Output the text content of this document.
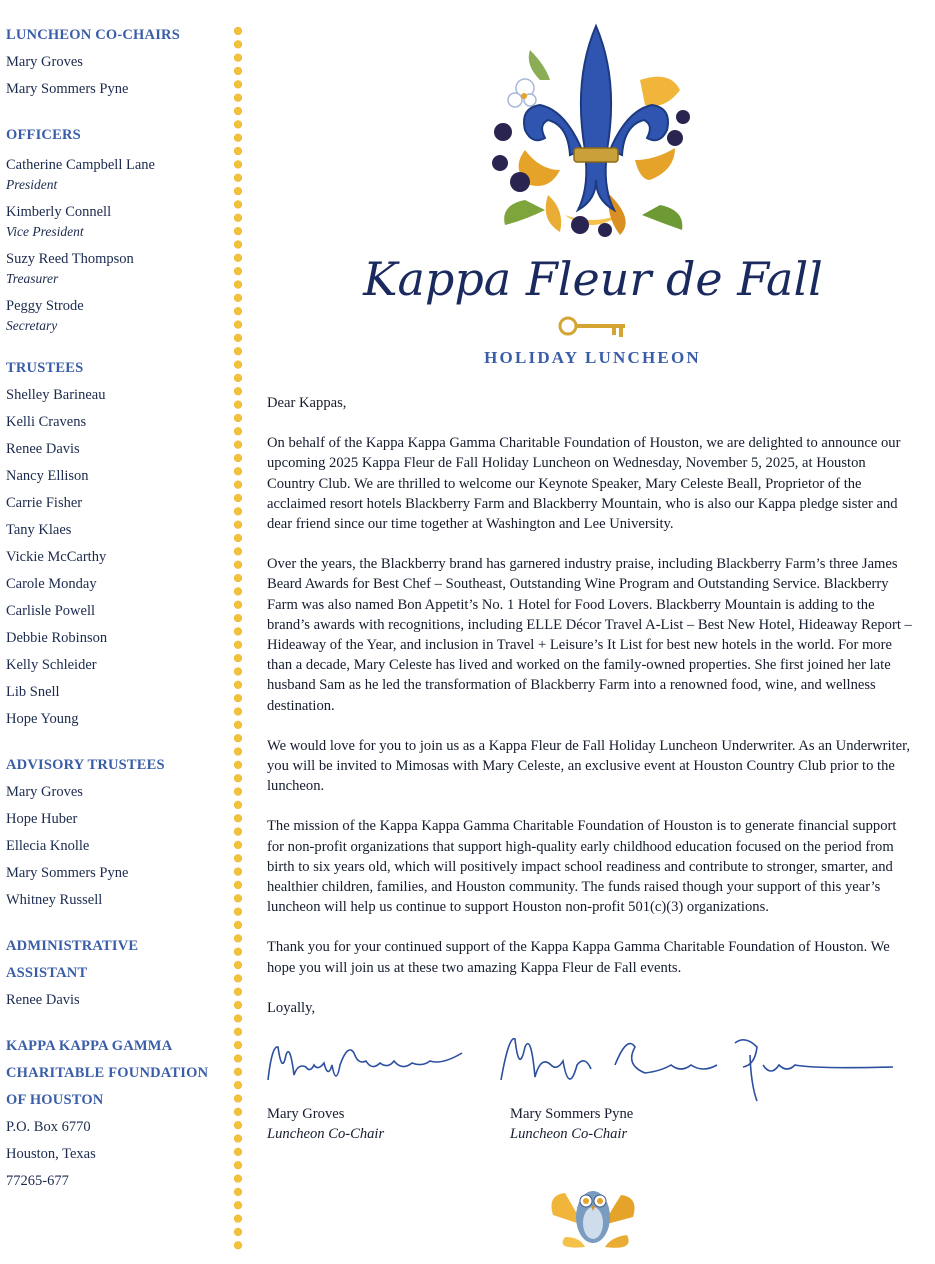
LUNCHEON CO-CHAIRS
Mary Groves
Mary Sommers Pyne
OFFICERS
Catherine Campbell Lane
President
Kimberly Connell
Vice President
Suzy Reed Thompson
Treasurer
Peggy Strode
Secretary
TRUSTEES
Shelley Barineau
Kelli Cravens
Renee Davis
Nancy Ellison
Carrie Fisher
Tany Klaes
Vickie McCarthy
Carole Monday
Carlisle Powell
Debbie Robinson
Kelly Schleider
Lib Snell
Hope Young
ADVISORY TRUSTEES
Mary Groves
Hope Huber
Ellecia Knolle
Mary Sommers Pyne
Whitney Russell
ADMINISTRATIVE
ASSISTANT
Renee Davis
KAPPA KAPPA GAMMA
CHARITABLE FOUNDATION
OF HOUSTON
P.O. Box 6770
Houston, Texas
77265-677
Kappa Fleur de Fall
HOLIDAY LUNCHEON

Dear Kappas,

On behalf of the Kappa Kappa Gamma Charitable Foundation of Houston, we are delighted to announce our upcoming 2025 Kappa Fleur de Fall Holiday Luncheon on Wednesday, November 5, 2025, at Houston Country Club. We are thrilled to welcome our Keynote Speaker, Mary Celeste Beall, Proprietor of the acclaimed resort hotels Blackberry Farm and Blackberry Mountain, who is also our Kappa pledge sister and dear friend since our time together at Washington and Lee University.

Over the years, the Blackberry brand has garnered industry praise, including Blackberry Farm’s three James Beard Awards for Best Chef – Southeast, Outstanding Wine Program and Outstanding Service. Blackberry Farm was also named Bon Appetit’s No. 1 Hotel for Food Lovers. Blackberry Mountain is adding to the brand’s awards with recognitions, including ELLE Décor Travel A-List – Best New Hotel, Hideaway Report – Hideaway of the Year, and inclusion in Travel + Leisure’s It List for best new hotels in the world. For more than a decade, Mary Celeste has lived and worked on the family-owned properties. She first joined her late husband Sam as he led the transformation of Blackberry Farm into a renowned food, wine, and wellness destination.

We would love for you to join us as a Kappa Fleur de Fall Holiday Luncheon Underwriter. As an Underwriter, you will be invited to Mimosas with Mary Celeste, an exclusive event at Houston Country Club prior to the luncheon.

The mission of the Kappa Kappa Gamma Charitable Foundation of Houston is to generate financial support for non-profit organizations that support high-quality early childhood education focused on the period from birth to six years old, which will positively impact school readiness and contribute to stronger, smarter, and healthier children, families, and Houston community. The funds raised though your support of this year’s luncheon will help us continue to support Houston non-profit 501(c)(3) organizations.

Thank you for your continued support of the Kappa Kappa Gamma Charitable Foundation of Houston. We hope you will join us at these two amazing Kappa Fleur de Fall events.

Loyally,

Mary Groves
Luncheon Co-Chair
Mary Sommers Pyne
Luncheon Co-Chair
